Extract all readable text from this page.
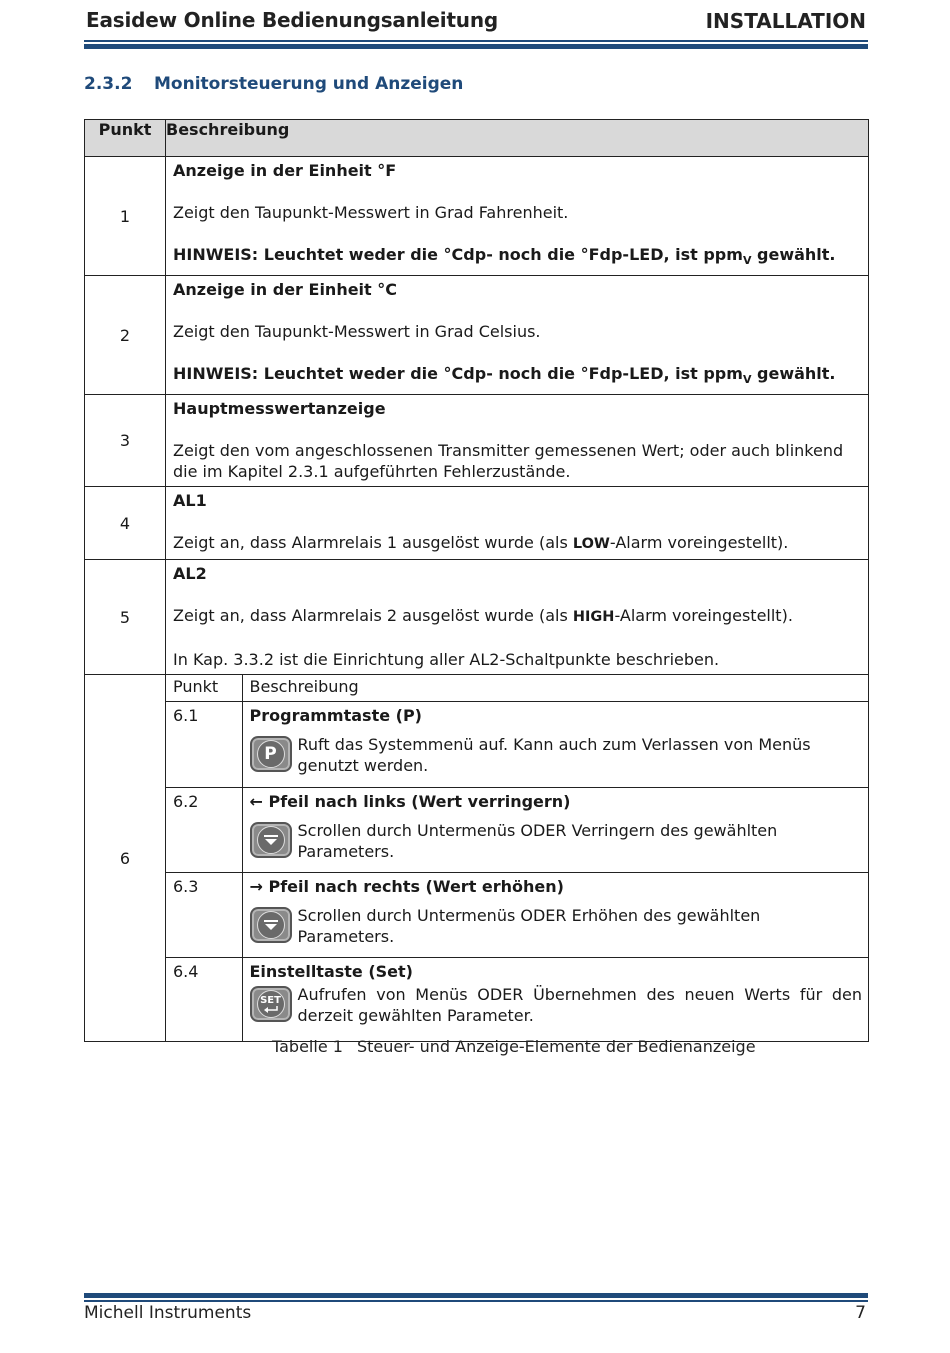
Easidew Online Bedienungsanleitung	INSTALLATION
2.3.2 Monitorsteuerung und Anzeigen
Punkt	Beschreibung
1	
Anzeige in der Einheit °F
Zeigt den Taupunkt-Messwert in Grad Fahrenheit.
HINWEIS: Leuchtet weder die °Cdp- noch die °Fdp-LED, ist ppm$_V$ gewählt.

2	
Anzeige in der Einheit °C
Zeigt den Taupunkt-Messwert in Grad Celsius.
HINWEIS: Leuchtet weder die °Cdp- noch die °Fdp-LED, ist ppm$_V$ gewählt.

3	
Hauptmesswertanzeige
Zeigt den vom angeschlossenen Transmitter gemessenen Wert; oder auch blinkend die im Kapitel 2.3.1 aufgeführten Fehlerzustände.

4	
AL1
Zeigt an, dass Alarmrelais 1 ausgelöst wurde (als LOW-Alarm voreingestellt).

5	
AL2
Zeigt an, dass Alarmrelais 2 ausgelöst wurde (als HIGH-Alarm voreingestellt).
In Kap. 3.3.2 ist die Einrichtung aller AL2-Schaltpunkte beschrieben.

6	
Punkt	Beschreibung

6.1	Programmtaste (P)
P	Ruft das Systemmenü auf. Kann auch zum Verlassen von Menüs genutzt werden.

6.2	← Pfeil nach links (Wert verringern)
Scrollen durch Untermenüs ODER Verringern des gewählten Parameters.

6.3	→ Pfeil nach rechts (Wert erhöhen)
Scrollen durch Untermenüs ODER Erhöhen des gewählten Parameters.

6.4	Einstelltaste (Set)
SET Aufrufen von Menüs ODER Übernehmen des neuen Werts für den derzeit gewählten Parameter.
Tabelle 1 Steuer- und Anzeige-Elemente der Bedienanzeige
Michell Instruments	7
